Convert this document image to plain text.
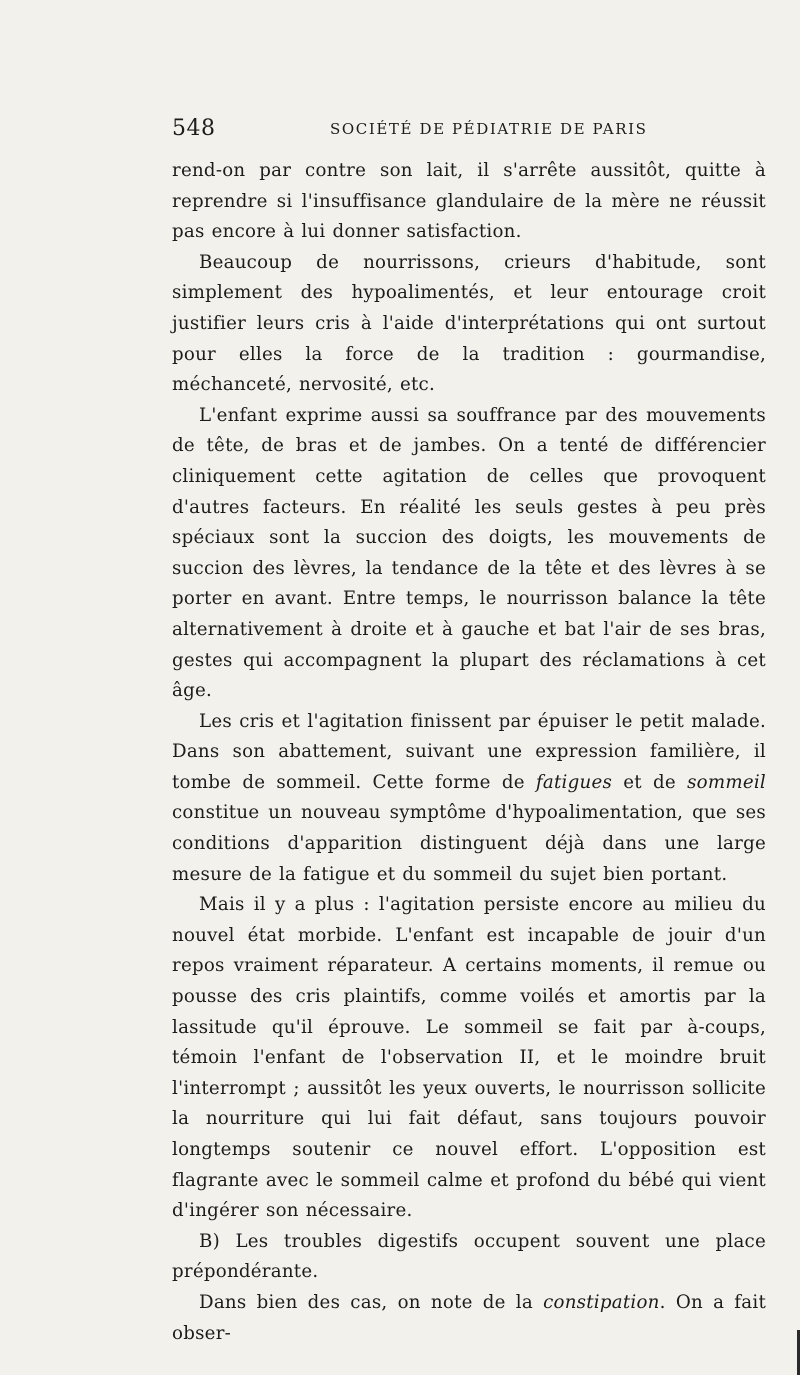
548	SOCIÉTÉ DE PÉDIATRIE DE PARIS

rend-on par contre son lait, il s'arrête aussitôt, quitte à reprendre si l'insuffisance glandulaire de la mère ne réussit pas encore à lui donner satisfaction.

Beaucoup de nourrissons, crieurs d'habitude, sont simplement des hypoalimentés, et leur entourage croit justifier leurs cris à l'aide d'interprétations qui ont surtout pour elles la force de la tradition : gourmandise, méchanceté, nervosité, etc.

L'enfant exprime aussi sa souffrance par des mouvements de tête, de bras et de jambes. On a tenté de différencier cliniquement cette agitation de celles que provoquent d'autres facteurs. En réalité les seuls gestes à peu près spéciaux sont la succion des doigts, les mouvements de succion des lèvres, la tendance de la tête et des lèvres à se porter en avant. Entre temps, le nourrisson balance la tête alternativement à droite et à gauche et bat l'air de ses bras, gestes qui accompagnent la plupart des réclamations à cet âge.

Les cris et l'agitation finissent par épuiser le petit malade. Dans son abattement, suivant une expression familière, il tombe de sommeil. Cette forme de fatigues et de sommeil constitue un nouveau symptôme d'hypoalimentation, que ses conditions d'apparition distinguent déjà dans une large mesure de la fatigue et du sommeil du sujet bien portant.

Mais il y a plus : l'agitation persiste encore au milieu du nouvel état morbide. L'enfant est incapable de jouir d'un repos vraiment réparateur. A certains moments, il remue ou pousse des cris plaintifs, comme voilés et amortis par la lassitude qu'il éprouve. Le sommeil se fait par à-coups, témoin l'enfant de l'observation II, et le moindre bruit l'interrompt ; aussitôt les yeux ouverts, le nourrisson sollicite la nourriture qui lui fait défaut, sans toujours pouvoir longtemps soutenir ce nouvel effort. L'opposition est flagrante avec le sommeil calme et profond du bébé qui vient d'ingérer son nécessaire.

B) Les troubles digestifs occupent souvent une place prépondérante.

Dans bien des cas, on note de la constipation. On a fait obser-
